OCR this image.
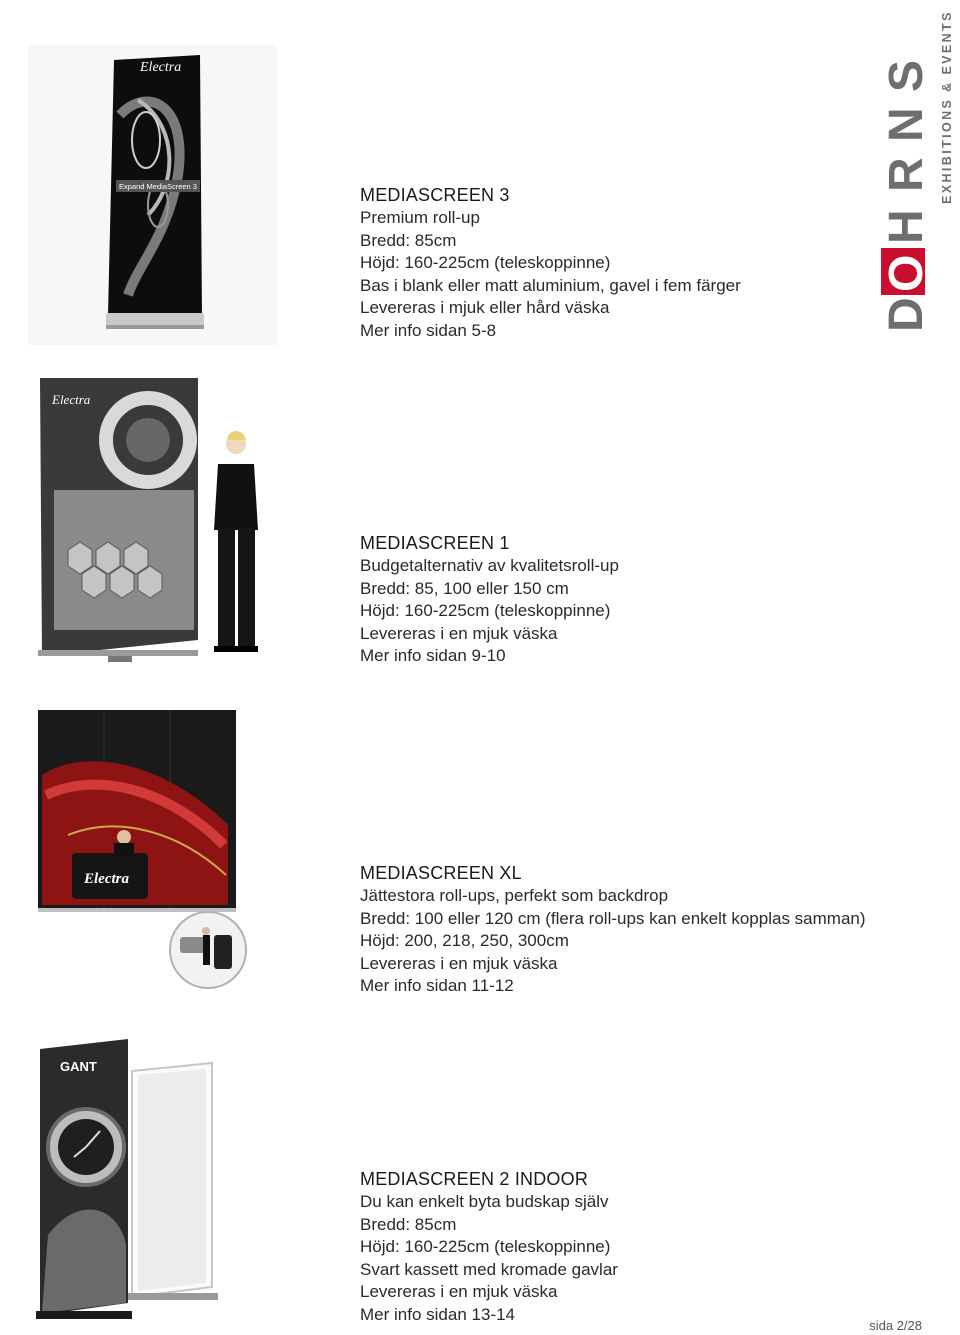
D
O
H
R
N
S EXHIBITIONS & EVENTS
Electra
Expand MediaScreen 3	MEDIASCREEN 3
Premium roll-up
Bredd: 85cm
Höjd: 160-225cm (teleskoppinne)
Bas i blank eller matt aluminium, gavel i fem färger
Levereras i mjuk eller hård väska
Mer info sidan 5-8
Electra
MEDIASCREEN 1
Budgetalternativ av kvalitetsroll-up
Bredd: 85, 100 eller 150 cm
Höjd: 160-225cm (teleskoppinne)
Levereras i en mjuk väska
Mer info sidan 9-10
Electra	MEDIASCREEN XL
Jättestora roll-ups, perfekt som backdrop
Bredd: 100 eller 120 cm (flera roll-ups kan enkelt kopplas samman)
Höjd: 200, 218, 250, 300cm
Levereras i en mjuk väska
Mer info sidan 11-12
GANT
MEDIASCREEN 2 INDOOR
Du kan enkelt byta budskap själv
Bredd: 85cm
Höjd: 160-225cm (teleskoppinne)
Svart kassett med kromade gavlar
Levereras i en mjuk väska
Mer info sidan 13-14
sida 2/28
